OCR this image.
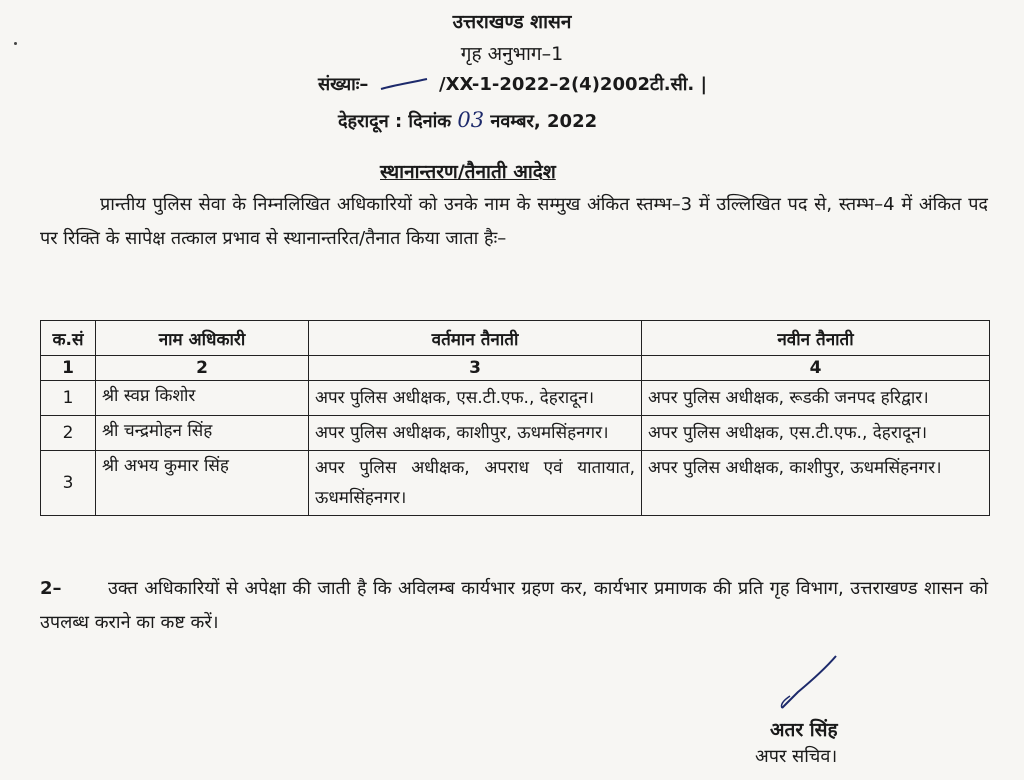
उत्तराखण्ड शासन
गृह अनुभाग–1
संख्याः–	/XX-1-2022–2(4)2002टी.सी. |
देहरादून : दिनांक 03 नवम्बर, 2022
स्थानान्तरण/तैनाती आदेश
प्रान्तीय पुलिस सेवा के निम्नलिखित अधिकारियों को उनके नाम के सम्मुख अंकित स्तम्भ–3 में उल्लिखित पद से, स्तम्भ–4 में अंकित पद पर रिक्ति के सापेक्ष तत्काल प्रभाव से स्थानान्तरित/तैनात किया जाता हैः–
क.सं	नाम अधिकारी	वर्तमान तैनाती	नवीन तैनाती
1	2	3	4
1	श्री स्वप्न किशोर	अपर पुलिस अधीक्षक, एस.टी.एफ., देहरादून।	अपर पुलिस अधीक्षक, रूडकी जनपद हरिद्वार।
2	श्री चन्द्रमोहन सिंह	अपर पुलिस अधीक्षक, काशीपुर, ऊधमसिंहनगर।	अपर पुलिस अधीक्षक, एस.टी.एफ., देहरादून।
3	श्री अभय कुमार सिंह	अपर पुलिस अधीक्षक, अपराध एवं यातायात, ऊधमसिंहनगर।	अपर पुलिस अधीक्षक, काशीपुर, ऊधमसिंहनगर।
2–	उक्त अधिकारियों से अपेक्षा की जाती है कि अविलम्ब कार्यभार ग्रहण कर, कार्यभार प्रमाणक की प्रति गृह विभाग, उत्तराखण्ड शासन को उपलब्ध कराने का कष्ट करें।
अतर सिंह
अपर सचिव।
